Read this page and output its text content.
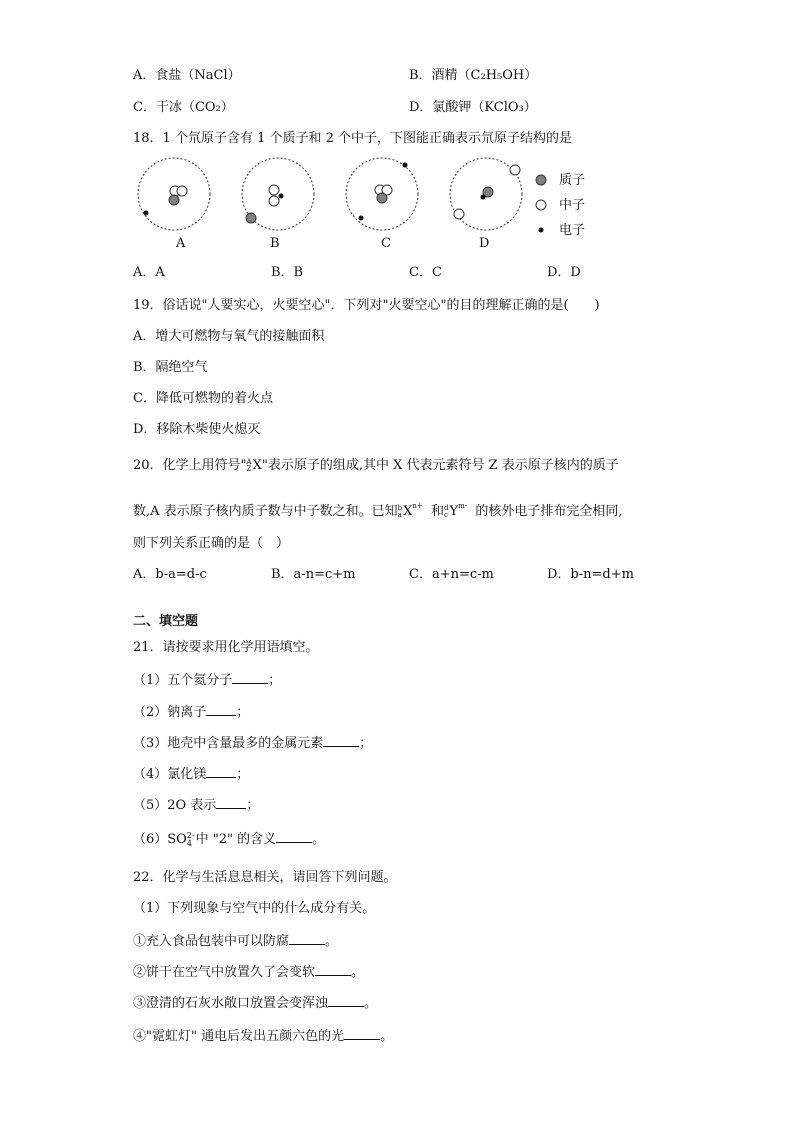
A．食盐（NaCl）	B．酒精（C₂H₅OH）
C．干冰（CO₂）	D．氯酸钾（KClO₃）
18．1 个氘原子含有 1 个质子和 2 个中子，下图能正确表示氘原子结构的是
质子
中子
电子
A	B	C	D
A．A	B．B	C．C	D．D
19．俗话说"人要实心，火要空心"．下列对"火要空心"的目的理解正确的是(　　)
A．增大可燃物与氧气的接触面积
B．隔绝空气
C．降低可燃物的着火点
D．移除木柴使火熄灭
20．化学上用符号" A
Z X"表示原子的组成,其中 X 代表元素符号 Z 表示原子核内的质子
数,A 表示原子核内质子数与中子数之和。已知 b
a $X^{n+}$ 和 d
c $Y^{m-}$ 的核外电子排布完全相同,
则下列关系正确的是（　）
A．b-a=d-c	B．a-n=c+m	C．a+n=c-m	D．b-n=d+m
二、填空题
21．请按要求用化学用语填空。
（1）五个氦分子	；
（2）钠离子 ；
（3）地壳中含量最多的金属元素	；
（4）氯化镁 ；
（5）2O 表示 ；
（6）SO 2-
4 中 "2" 的含义	。
22．化学与生活息息相关，请回答下列问题。
（1）下列现象与空气中的什么成分有关。
①充入食品包装中可以防腐	。
②饼干在空气中放置久了会变软	。
③澄清的石灰水敞口放置会变浑浊	。
④"霓虹灯" 通电后发出五颜六色的光	。
